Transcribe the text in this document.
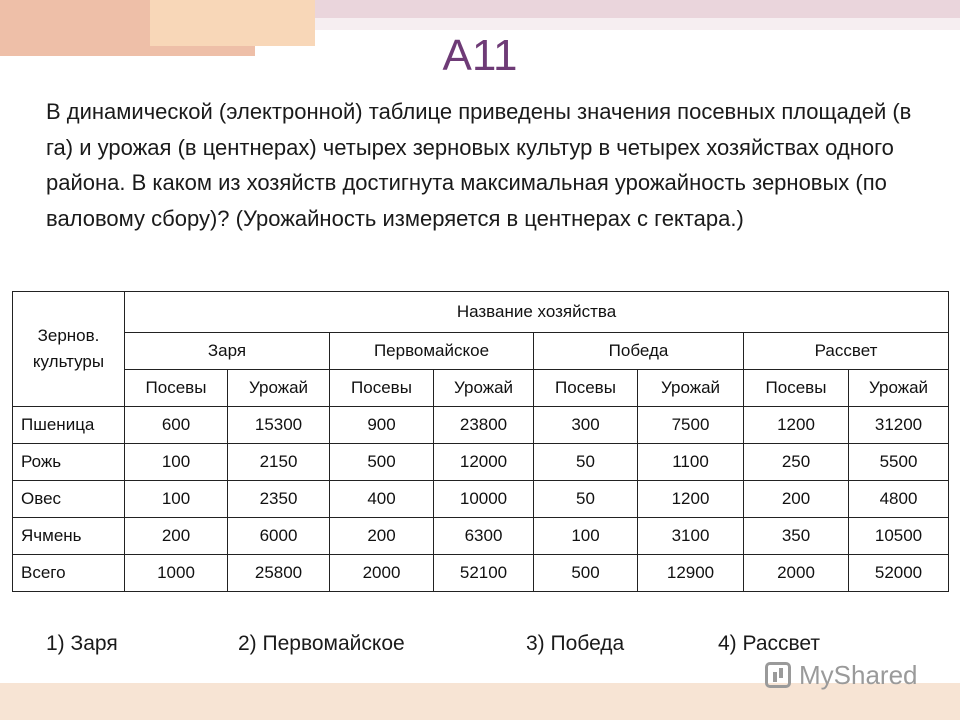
А11
В динамической (электронной) таблице приведены значения посевных площадей (в га) и урожая (в центнерах) четырех зерновых культур в четырех хозяйствах одного района. В каком из хозяйств достигнута максимальная урожайность зерновых (по валовому сбору)? (Урожайность измеряется в центнерах с гектара.)
Зернов. культуры	Название хозяйства							
	Заря		Первомайское		Победа		Рассвет	
	Посевы	Урожай	Посевы	Урожай	Посевы	Урожай	Посевы	Урожай
Пшеница	600	15300	900	23800	300	7500	1200	31200
Рожь	100	2150	500	12000	50	1100	250	5500
Овес	100	2350	400	10000	50	1200	200	4800
Ячмень	200	6000	200	6300	100	3100	350	10500
Всего	1000	25800	2000	52100	500	12900	2000	52000
1) Заря	2) Первомайское	3) Победа	4) Рассвет
MyShared
